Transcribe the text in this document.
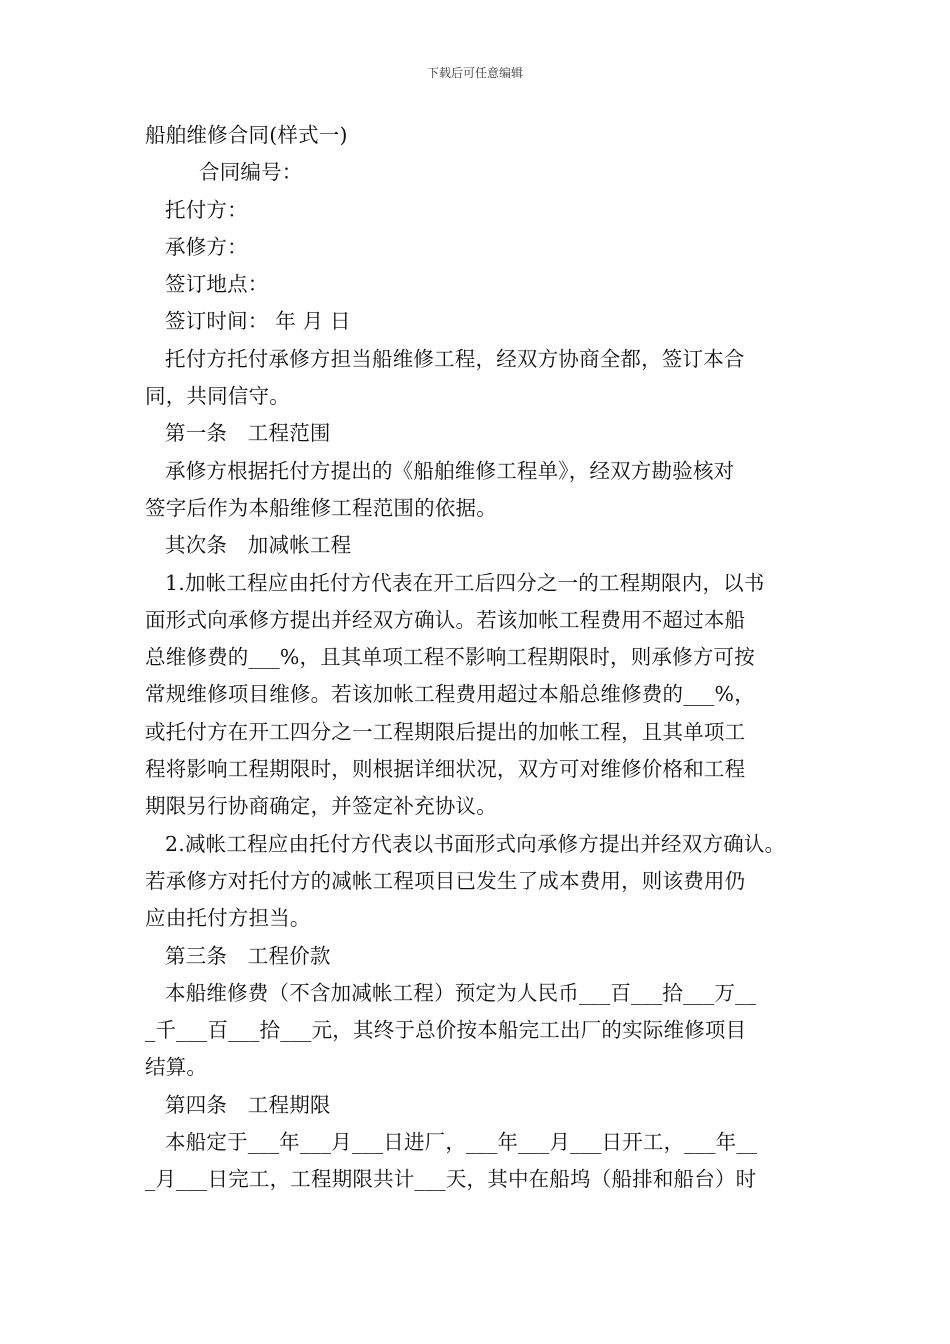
下载后可任意编辑
船舶维修合同(样式一)
合同编号：
托付方：
承修方：
签订地点：
签订时间： 年 月 日
托付方托付承修方担当船维修工程，经双方协商全都，签订本合
同，共同信守。
第一条　工程范围
承修方根据托付方提出的《船舶维修工程单》，经双方勘验核对
签字后作为本船维修工程范围的依据。
其次条　加减帐工程
1.加帐工程应由托付方代表在开工后四分之一的工程期限内，以书
面形式向承修方提出并经双方确认。若该加帐工程费用不超过本船
总维修费的___%，且其单项工程不影响工程期限时，则承修方可按
常规维修项目维修。若该加帐工程费用超过本船总维修费的___%，
或托付方在开工四分之一工程期限后提出的加帐工程，且其单项工
程将影响工程期限时，则根据详细状况，双方可对维修价格和工程
期限另行协商确定，并签定补充协议。
2.减帐工程应由托付方代表以书面形式向承修方提出并经双方确认。
若承修方对托付方的减帐工程项目已发生了成本费用，则该费用仍
应由托付方担当。
第三条　工程价款
本船维修费（不含加减帐工程）预定为人民币___百___拾___万__
_千___百___拾___元，其终于总价按本船完工出厂的实际维修项目
结算。
第四条　工程期限
本船定于___年___月___日进厂，___年___月___日开工，___年__
_月___日完工，工程期限共计___天，其中在船坞（船排和船台）时
